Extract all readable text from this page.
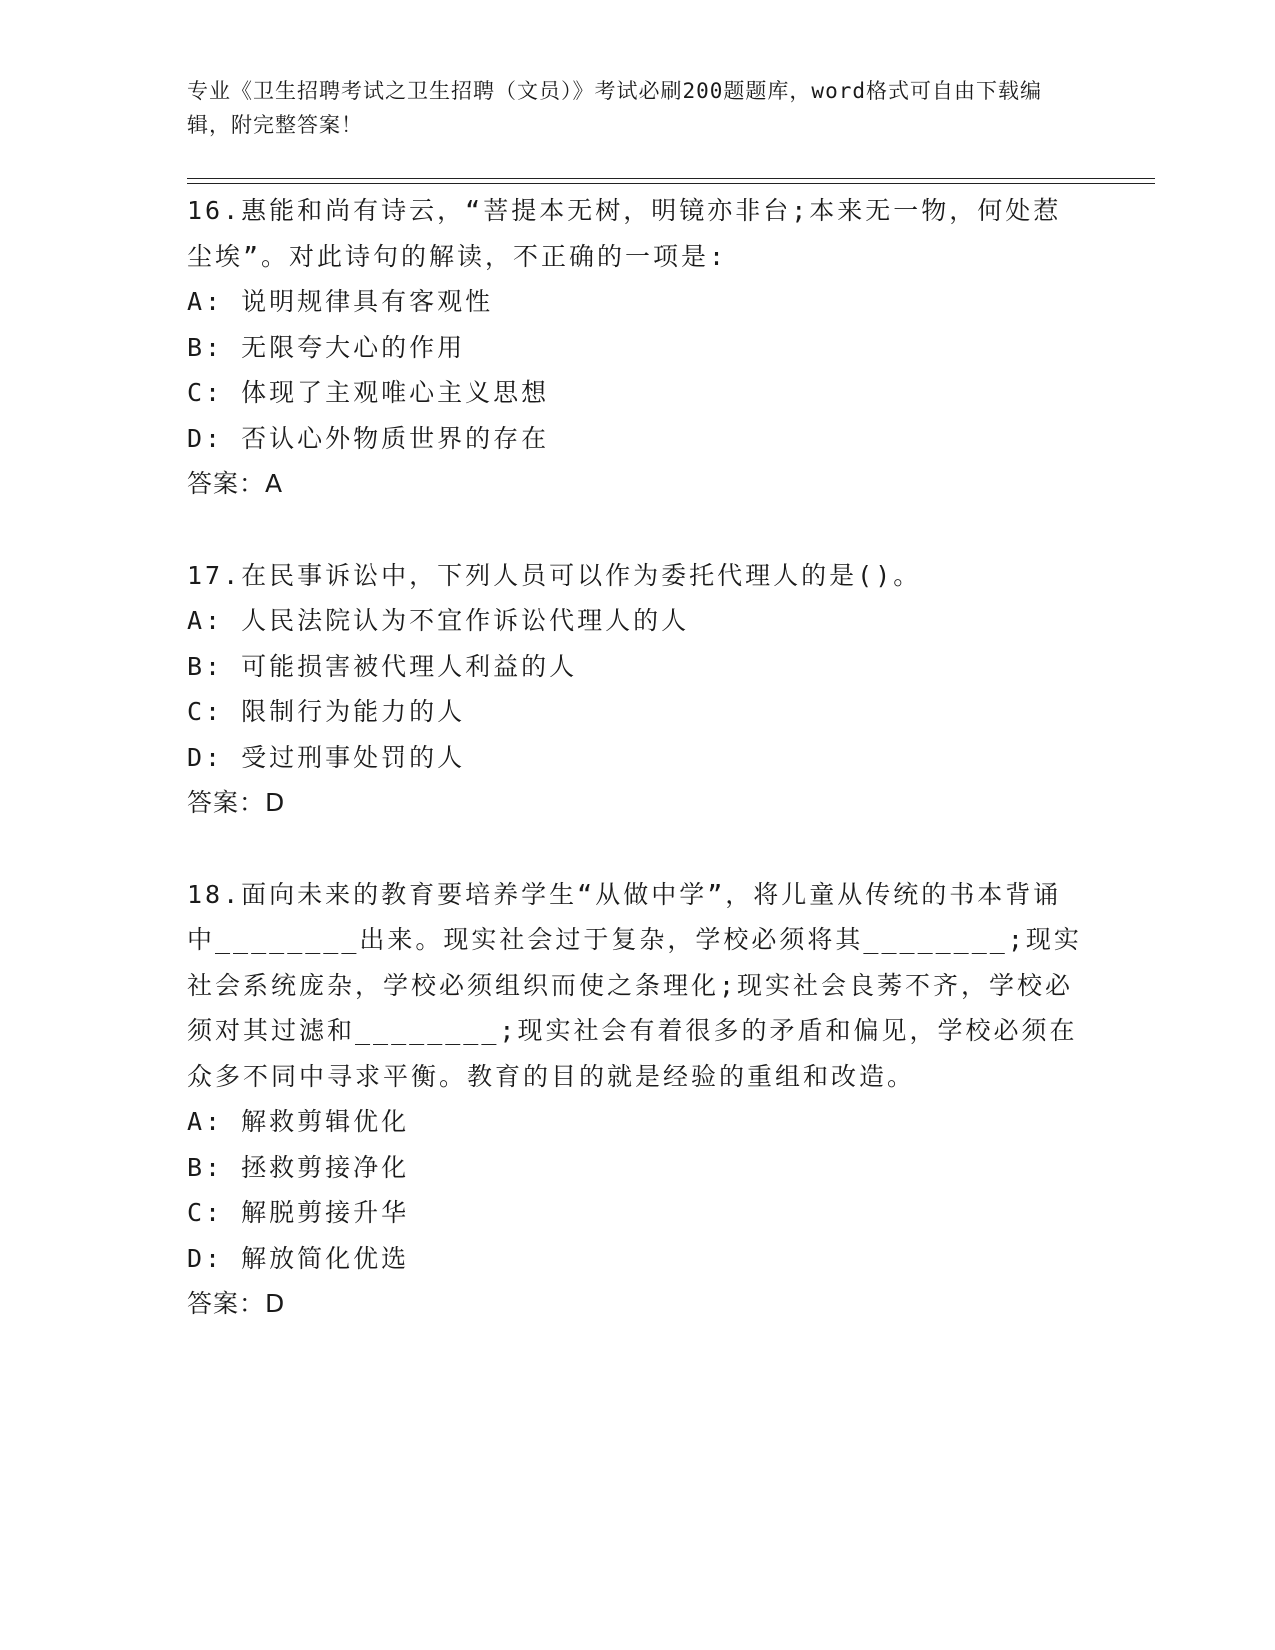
专业《卫生招聘考试之卫生招聘（文员）》考试必刷200题题库，word格式可自由下载编辑，附完整答案！

16.惠能和尚有诗云，“菩提本无树，明镜亦非台;本来无一物，何处惹尘埃”。对此诗句的解读，不正确的一项是:

A: 说明规律具有客观性

B: 无限夸大心的作用

C: 体现了主观唯心主义思想

D: 否认心外物质世界的存在

答案：A

17.在民事诉讼中，下列人员可以作为委托代理人的是()。

A: 人民法院认为不宜作诉讼代理人的人

B: 可能损害被代理人利益的人

C: 限制行为能力的人

D: 受过刑事处罚的人

答案：D

18.面向未来的教育要培养学生“从做中学”，将儿童从传统的书本背诵中________出来。现实社会过于复杂，学校必须将其________;现实社会系统庞杂，学校必须组织而使之条理化;现实社会良莠不齐，学校必须对其过滤和________;现实社会有着很多的矛盾和偏见，学校必须在众多不同中寻求平衡。教育的目的就是经验的重组和改造。

A: 解救剪辑优化

B: 拯救剪接净化

C: 解脱剪接升华

D: 解放简化优选

答案：D
